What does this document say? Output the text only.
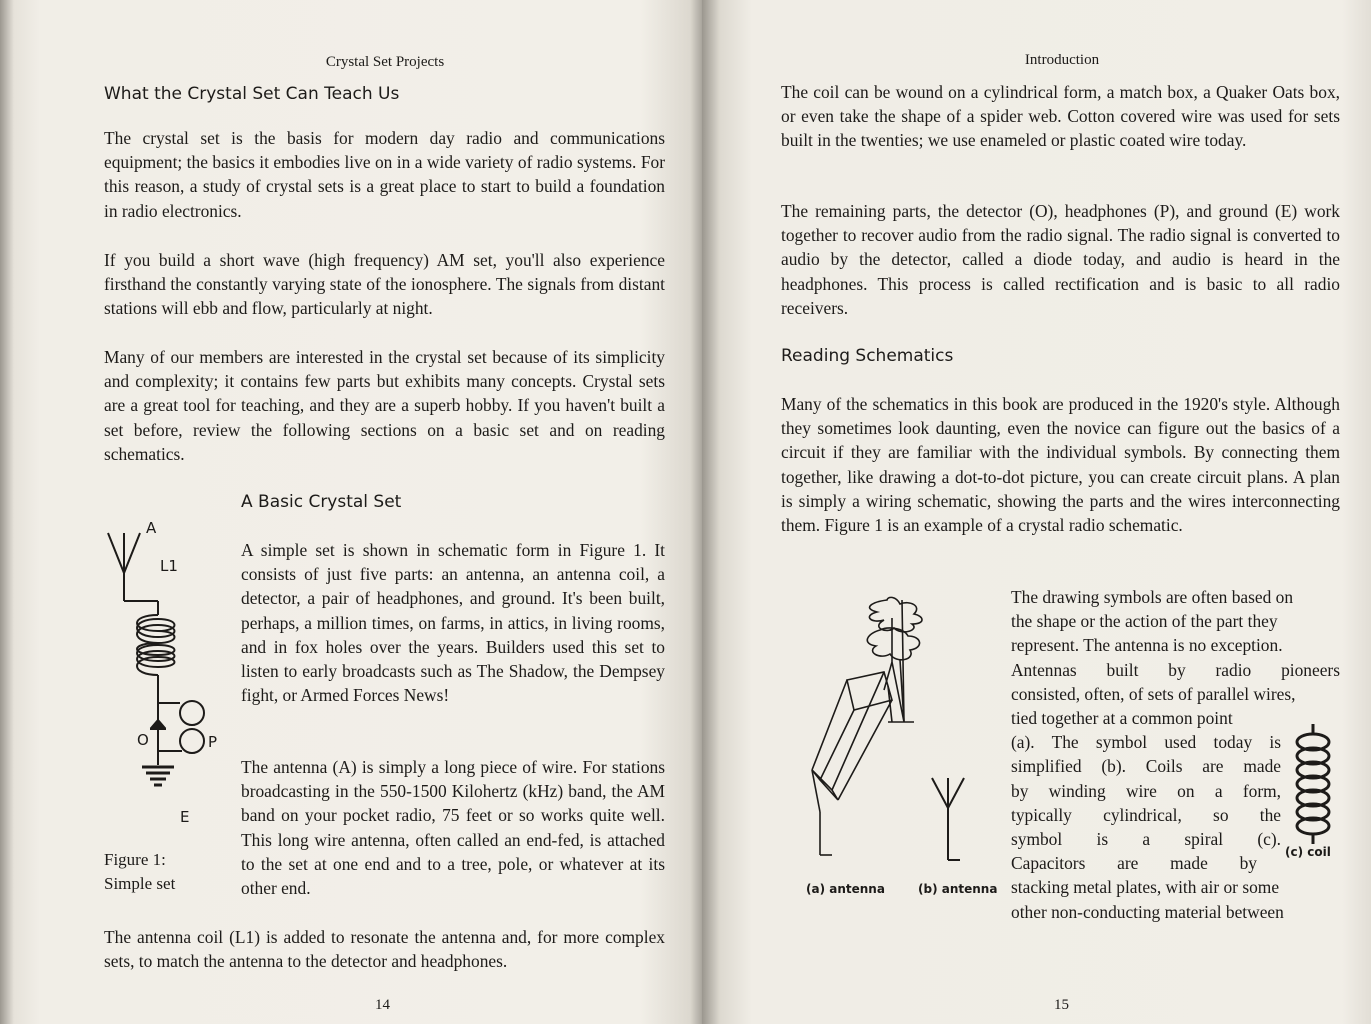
Crystal Set Projects
What the Crystal Set Can Teach Us

The crystal set is the basis for modern day radio and communications equipment; the basics it embodies live on in a wide variety of radio systems. For this reason, a study of crystal sets is a great place to start to build a foundation in radio electronics.

If you build a short wave (high frequency) AM set, you'll also experience firsthand the constantly varying state of the ionosphere. The signals from distant stations will ebb and flow, particularly at night.

Many of our members are interested in the crystal set because of its simplicity and complexity; it contains few parts but exhibits many concepts. Crystal sets are a great tool for teaching, and they are a superb hobby. If you haven't built a set before, review the following sections on a basic set and on reading schematics.

A Basic Crystal Set

A simple set is shown in schematic form in Figure 1. It consists of just five parts: an antenna, an antenna coil, a detector, a pair of headphones, and ground. It's been built, perhaps, a million times, on farms, in attics, in living rooms, and in fox holes over the years. Builders used this set to listen to early broadcasts such as The Shadow, the Dempsey fight, or Armed Forces News!

The antenna (A) is simply a long piece of wire. For stations broadcasting in the 550-1500 Kilohertz (kHz) band, the AM band on your pocket radio, 75 feet or so works quite well. This long wire antenna, often called an end-fed, is attached to the set at one end and to a tree, pole, or whatever at its other end.

A
L1
O	P
E
Figure 1:
Simple set

The antenna coil (L1) is added to resonate the antenna and, for more complex sets, to match the antenna to the detector and headphones.

14
Introduction

The coil can be wound on a cylindrical form, a match box, a Quaker Oats box, or even take the shape of a spider web. Cotton covered wire was used for sets built in the twenties; we use enameled or plastic coated wire today.

The remaining parts, the detector (O), headphones (P), and ground (E) work together to recover audio from the radio signal. The radio signal is converted to audio by the detector, called a diode today, and audio is heard in the headphones. This process is called rectification and is basic to all radio receivers.

Reading Schematics

Many of the schematics in this book are produced in the 1920's style. Although they sometimes look daunting, even the novice can figure out the basics of a circuit if they are familiar with the individual symbols. By connecting them together, like drawing a dot-to-dot picture, you can create circuit plans. A plan is simply a wiring schematic, showing the parts and the wires interconnecting them. Figure 1 is an example of a crystal radio schematic.

The drawing symbols are often based on
the shape or the action of the part they
represent. The antenna is no exception.
Antennas built by radio pioneers
consisted, often, of sets of parallel wires,
tied together at a common point
(a). The symbol used today is
simplified (b). Coils are made
by winding wire on a form,
typically cylindrical, so the
symbol is a spiral (c).
Capacitors are made by
stacking metal plates, with air or some
other non-conducting material between
(a) antenna	(b) antenna
(c) coil
15
